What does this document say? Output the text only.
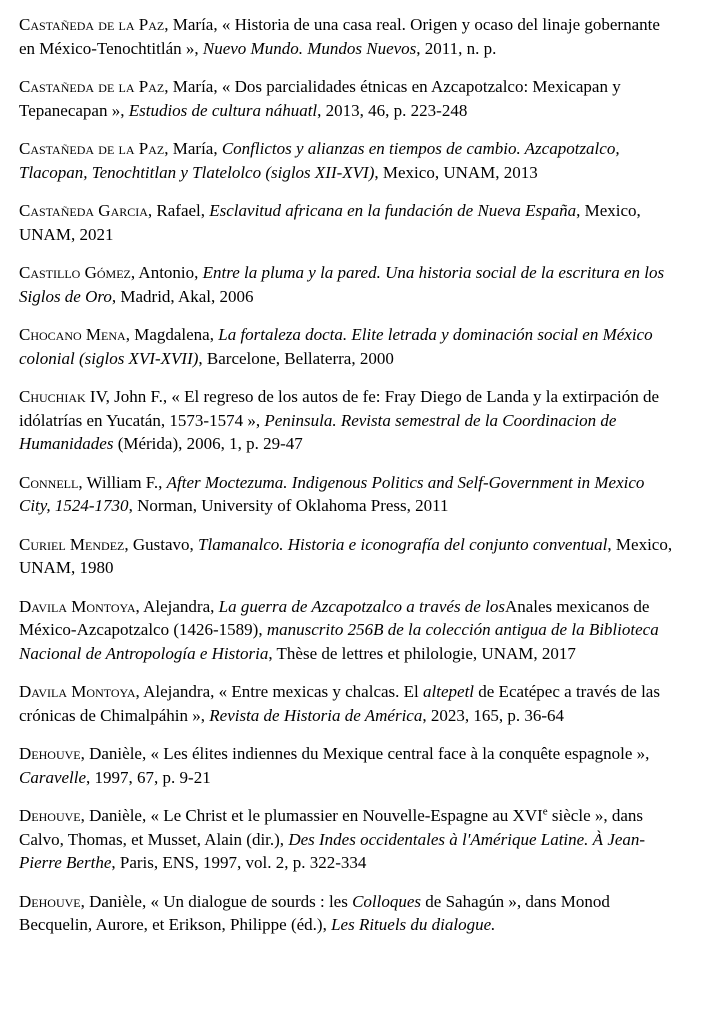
Castañeda de la Paz, María, « Historia de una casa real. Origen y ocaso del linaje gobernante en México-Tenochtitlán », Nuevo Mundo. Mundos Nuevos, 2011, n. p.

Castañeda de la Paz, María, « Dos parcialidades étnicas en Azcapotzalco: Mexicapan y Tepanecapan », Estudios de cultura náhuatl, 2013, 46, p. 223-248

Castañeda de la Paz, María, Conflictos y alianzas en tiempos de cambio. Azcapotzalco, Tlacopan, Tenochtitlan y Tlatelolco (siglos XII-XVI), Mexico, UNAM, 2013

Castañeda Garcia, Rafael, Esclavitud africana en la fundación de Nueva España, Mexico, UNAM, 2021

Castillo Gómez, Antonio, Entre la pluma y la pared. Una historia social de la escritura en los Siglos de Oro, Madrid, Akal, 2006

Chocano Mena, Magdalena, La fortaleza docta. Elite letrada y dominación social en México colonial (siglos XVI-XVII), Barcelone, Bellaterra, 2000

Chuchiak IV, John F., « El regreso de los autos de fe: Fray Diego de Landa y la extirpación de idólatrías en Yucatán, 1573-1574 », Peninsula. Revista semestral de la Coordinacion de Humanidades (Mérida), 2006, 1, p. 29-47

Connell, William F., After Moctezuma. Indigenous Politics and Self-Government in Mexico City, 1524-1730, Norman, University of Oklahoma Press, 2011

Curiel Mendez, Gustavo, Tlamanalco. Historia e iconografía del conjunto conventual, Mexico, UNAM, 1980

Davila Montoya, Alejandra, La guerra de Azcapotzalco a través de losAnales mexicanos de México-Azcapotzalco (1426-1589), manuscrito 256B de la colección antigua de la Biblioteca Nacional de Antropología e Historia, Thèse de lettres et philologie, UNAM, 2017

Davila Montoya, Alejandra, « Entre mexicas y chalcas. El altepetl de Ecatépec a través de las crónicas de Chimalpáhin », Revista de Historia de América, 2023, 165, p. 36-64

Dehouve, Danièle, « Les élites indiennes du Mexique central face à la conquête espagnole », Caravelle, 1997, 67, p. 9-21

Dehouve, Danièle, « Le Christ et le plumassier en Nouvelle-Espagne au XVIe siècle », dans Calvo, Thomas, et Musset, Alain (dir.), Des Indes occidentales à l'Amérique Latine. À Jean-Pierre Berthe, Paris, ENS, 1997, vol. 2, p. 322-334

Dehouve, Danièle, « Un dialogue de sourds : les Colloques de Sahagún », dans Monod Becquelin, Aurore, et Erikson, Philippe (éd.), Les Rituels du dialogue.
